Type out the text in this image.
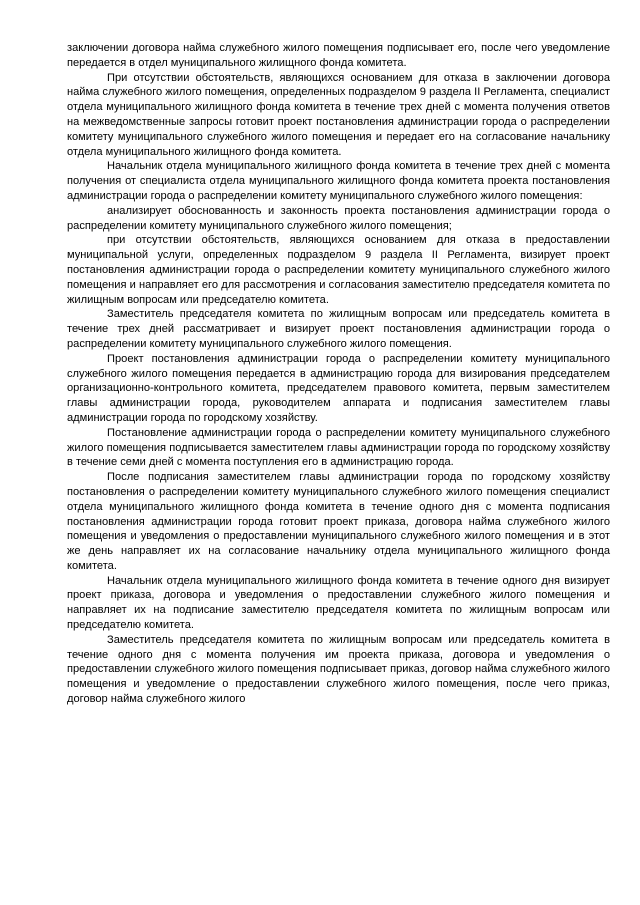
заключении договора найма служебного жилого помещения подписывает его, после чего уведомление передается в отдел муниципального жилищного фонда комитета.

При отсутствии обстоятельств, являющихся основанием для отказа в заключении договора найма служебного жилого помещения, определенных подразделом 9 раздела II Регламента, специалист отдела муниципального жилищного фонда комитета в течение трех дней с момента получения ответов на межведомственные запросы готовит проект постановления администрации города о распределении комитету муниципального служебного жилого помещения и передает его на согласование начальнику отдела муниципального жилищного фонда комитета.

Начальник отдела муниципального жилищного фонда комитета в течение трех дней с момента получения от специалиста отдела муниципального жилищного фонда комитета проекта постановления администрации города о распределении комитету муниципального служебного жилого помещения:

анализирует обоснованность и законность проекта постановления администрации города о распределении комитету муниципального служебного жилого помещения;

при отсутствии обстоятельств, являющихся основанием для отказа в предоставлении муниципальной услуги, определенных подразделом 9 раздела II Регламента, визирует проект постановления администрации города о распределении комитету муниципального служебного жилого помещения и направляет его для рассмотрения и согласования заместителю председателя комитета по жилищным вопросам или председателю комитета.

Заместитель председателя комитета по жилищным вопросам или председатель комитета в течение трех дней рассматривает и визирует проект постановления администрации города о распределении комитету муниципального служебного жилого помещения.

Проект постановления администрации города о распределении комитету муниципального служебного жилого помещения передается в администрацию города для визирования председателем организационно-контрольного комитета, председателем правового комитета, первым заместителем главы администрации города, руководителем аппарата и подписания заместителем главы администрации города по городскому хозяйству.

Постановление администрации города о распределении комитету муниципального служебного жилого помещения подписывается заместителем главы администрации города по городскому хозяйству в течение семи дней с момента поступления его в администрацию города.

После подписания заместителем главы администрации города по городскому хозяйству постановления о распределении комитету муниципального служебного жилого помещения специалист отдела муниципального жилищного фонда комитета в течение одного дня с момента подписания постановления администрации города готовит проект приказа, договора найма служебного жилого помещения и уведомления о предоставлении муниципального служебного жилого помещения и в этот же день направляет их на согласование начальнику отдела муниципального жилищного фонда комитета.

Начальник отдела муниципального жилищного фонда комитета в течение одного дня визирует проект приказа, договора и уведомления о предоставлении служебного жилого помещения и направляет их на подписание заместителю председателя комитета по жилищным вопросам или председателю комитета.

Заместитель председателя комитета по жилищным вопросам или председатель комитета в течение одного дня с момента получения им проекта приказа, договора и уведомления о предоставлении служебного жилого помещения подписывает приказ, договор найма служебного жилого помещения и уведомление о предоставлении служебного жилого помещения, после чего приказ, договор найма служебного жилого
